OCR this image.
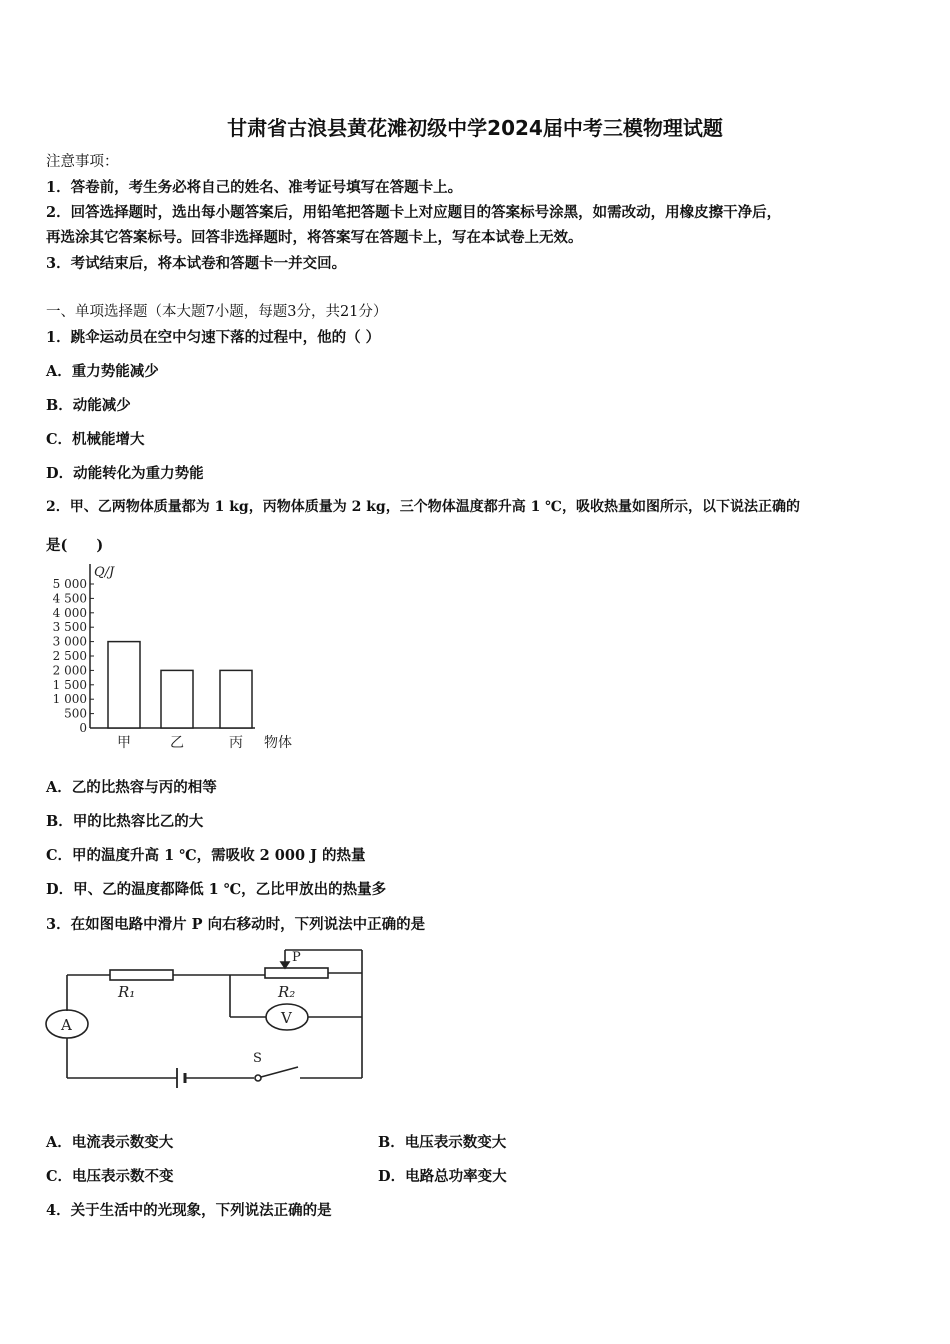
甘肃省古浪县黄花滩初级中学2024届中考三模物理试题
注意事项：
1．答卷前，考生务必将自己的姓名、准考证号填写在答题卡上。
2．回答选择题时，选出每小题答案后，用铅笔把答题卡上对应题目的答案标号涂黑，如需改动，用橡皮擦干净后，
再选涂其它答案标号。回答非选择题时，将答案写在答题卡上，写在本试卷上无效。
3．考试结束后，将本试卷和答题卡一并交回。
一、单项选择题（本大题7小题，每题3分，共21分）
1．跳伞运动员在空中匀速下落的过程中，他的（ ）
A．重力势能减少
B．动能减少
C．机械能增大
D．动能转化为重力势能
2．甲、乙两物体质量都为 1 kg，丙物体质量为 2 kg，三个物体温度都升高 1 ℃，吸收热量如图所示，以下说法正确的
是(　　)
Q/J
0
500
1 000
1 500
2 000
2 500
3 000
3 500
4 000
4 500
5 000
甲	乙	丙 物体
A．乙的比热容与丙的相等
B．甲的比热容比乙的大
C．甲的温度升高 1 ℃，需吸收 2 000 J 的热量
D．甲、乙的温度都降低 1 ℃，乙比甲放出的热量多
3．在如图电路中滑片 P 向右移动时，下列说法中正确的是
R₁	R₂
P
A	V
S
A．电流表示数变大	B．电压表示数变大
C．电压表示数不变	D．电路总功率变大
4．关于生活中的光现象，下列说法正确的是
